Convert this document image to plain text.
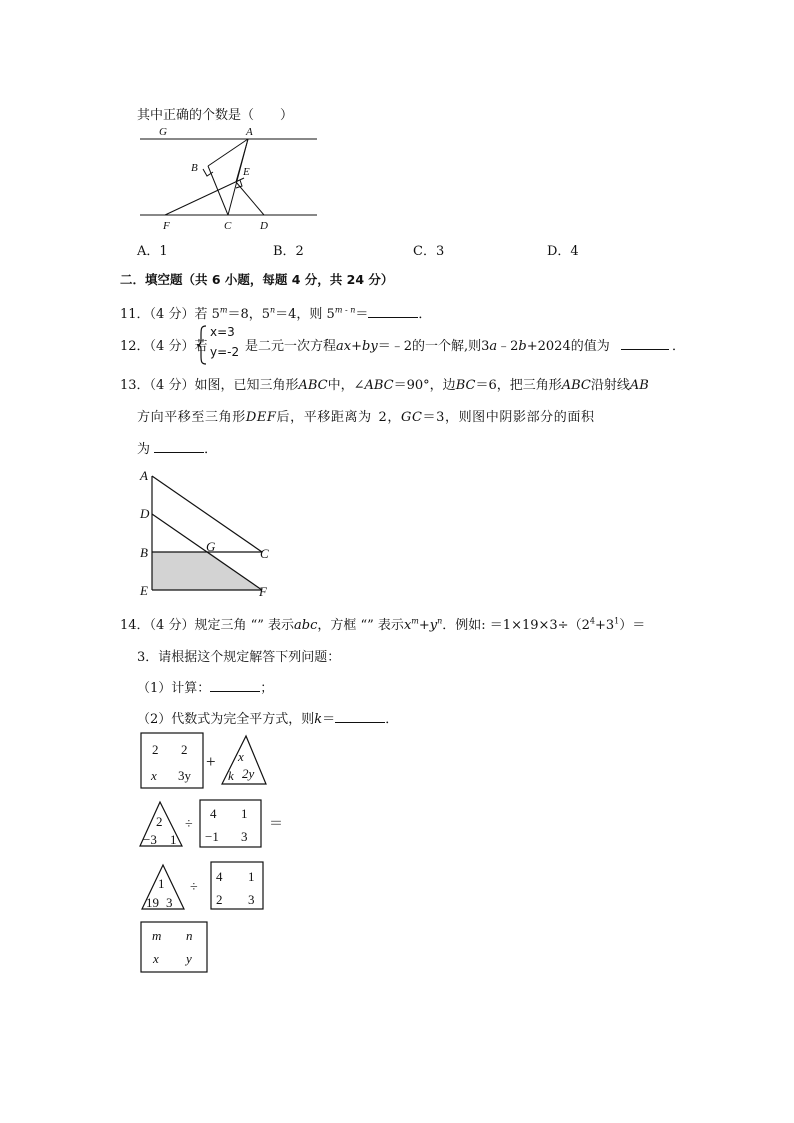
其中正确的个数是（　　）
G	A
B	E
F	C	D
A．1	B．2	C．3	D．4
二．填空题（共 6 小题，每题 4 分，共 24 分）
11．（4 分）若 $5^m=8$，$5^n=4$，则 $5^{m - n}=$	．
12．（4 分）若
x=3
y=-2 是二元一次方程ax+by＝﹣2的一个解,则3a﹣2b+2024的值为	．
13．（4 分）如图，已知三角形ABC中，∠ABC＝90°，边BC＝6，把三角形ABC沿射线AB
方向平移至三角形DEF后，平移距离为 2，GC＝3，则图中阴影部分的面积
为	．
A
D
B	G	C
E	F
14．（4 分）规定三角 “” 表示abc，方框 “” 表示$x^m+y^n$．例如: $=1\times 19\times 3\div(2^4+3^1)=$
3．请根据这个规定解答下列问题：
（1）计算：	；
（2）代数式为完全平方式，则k＝	．
2 2
x 3y
+ x
k 2y
2
−3 1
÷
4 1
−1 3
＝
1
19 3
÷
4 1
2 3
m n
x y
